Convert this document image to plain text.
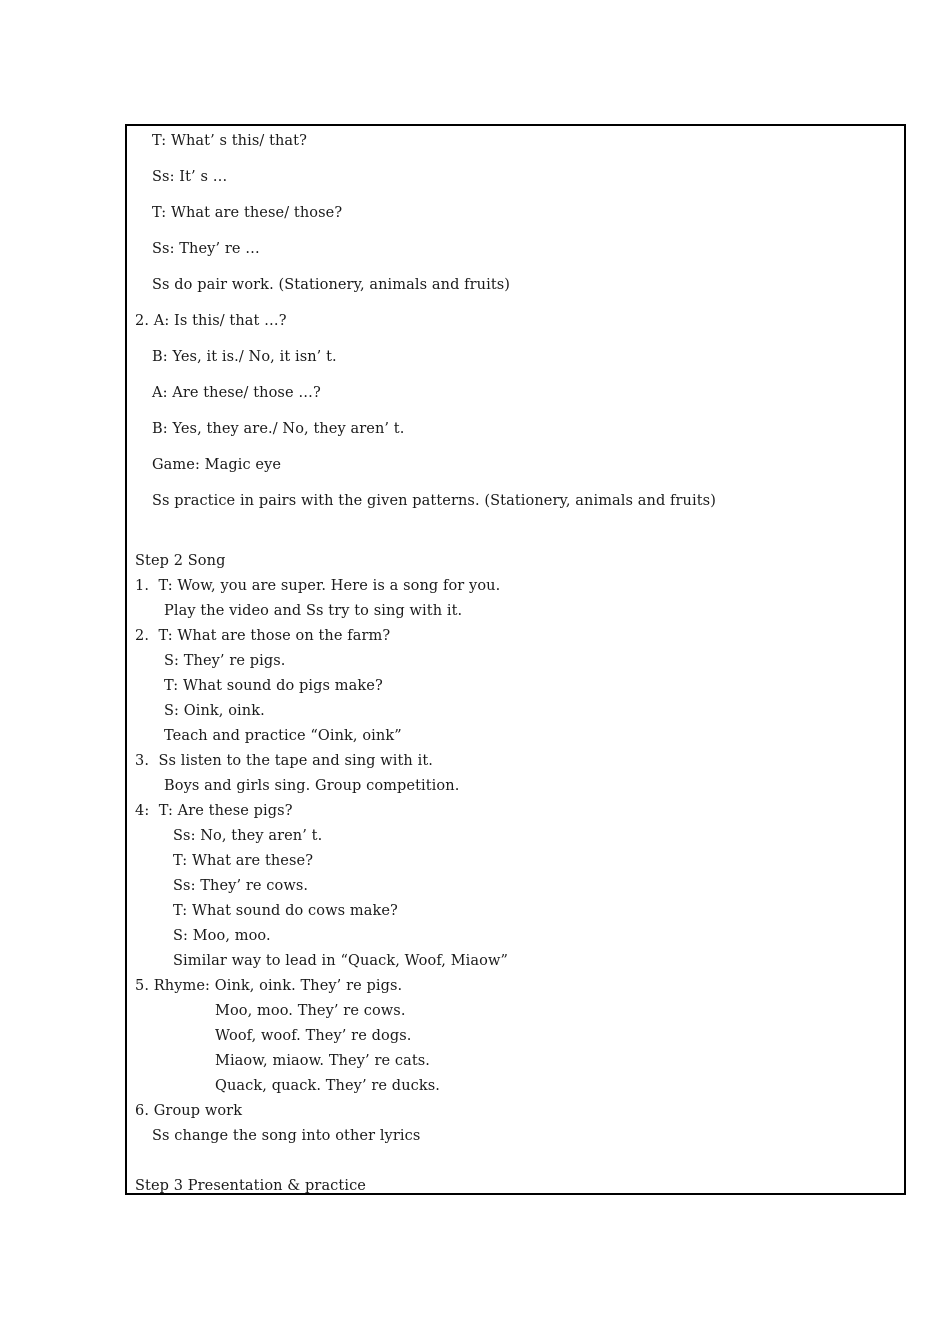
T: What’ s this/ that?
Ss: It’ s …
T: What are these/ those?
Ss: They’ re …
Ss do pair work. (Stationery, animals and fruits)
2. A: Is this/ that …?
B: Yes, it is./ No, it isn’ t.
A: Are these/ those …?
B: Yes, they are./ No, they aren’ t.
Game: Magic eye
Ss practice in pairs with the given patterns. (Stationery, animals and fruits)
Step 2 Song
1.  T: Wow, you are super. Here is a song for you.
Play the video and Ss try to sing with it.
2.  T: What are those on the farm?
S: They’ re pigs.
T: What sound do pigs make?
S: Oink, oink.
Teach and practice “Oink, oink”
3.  Ss listen to the tape and sing with it.
Boys and girls sing. Group competition.
4:  T: Are these pigs?
Ss: No, they aren’ t.
T: What are these?
Ss: They’ re cows.
T: What sound do cows make?
S: Moo, moo.
Similar way to lead in “Quack, Woof, Miaow”
5. Rhyme: Oink, oink. They’ re pigs.
Moo, moo. They’ re cows.
Woof, woof. They’ re dogs.
Miaow, miaow. They’ re cats.
Quack, quack. They’ re ducks.
6. Group work
Ss change the song into other lyrics
Step 3 Presentation & practice
